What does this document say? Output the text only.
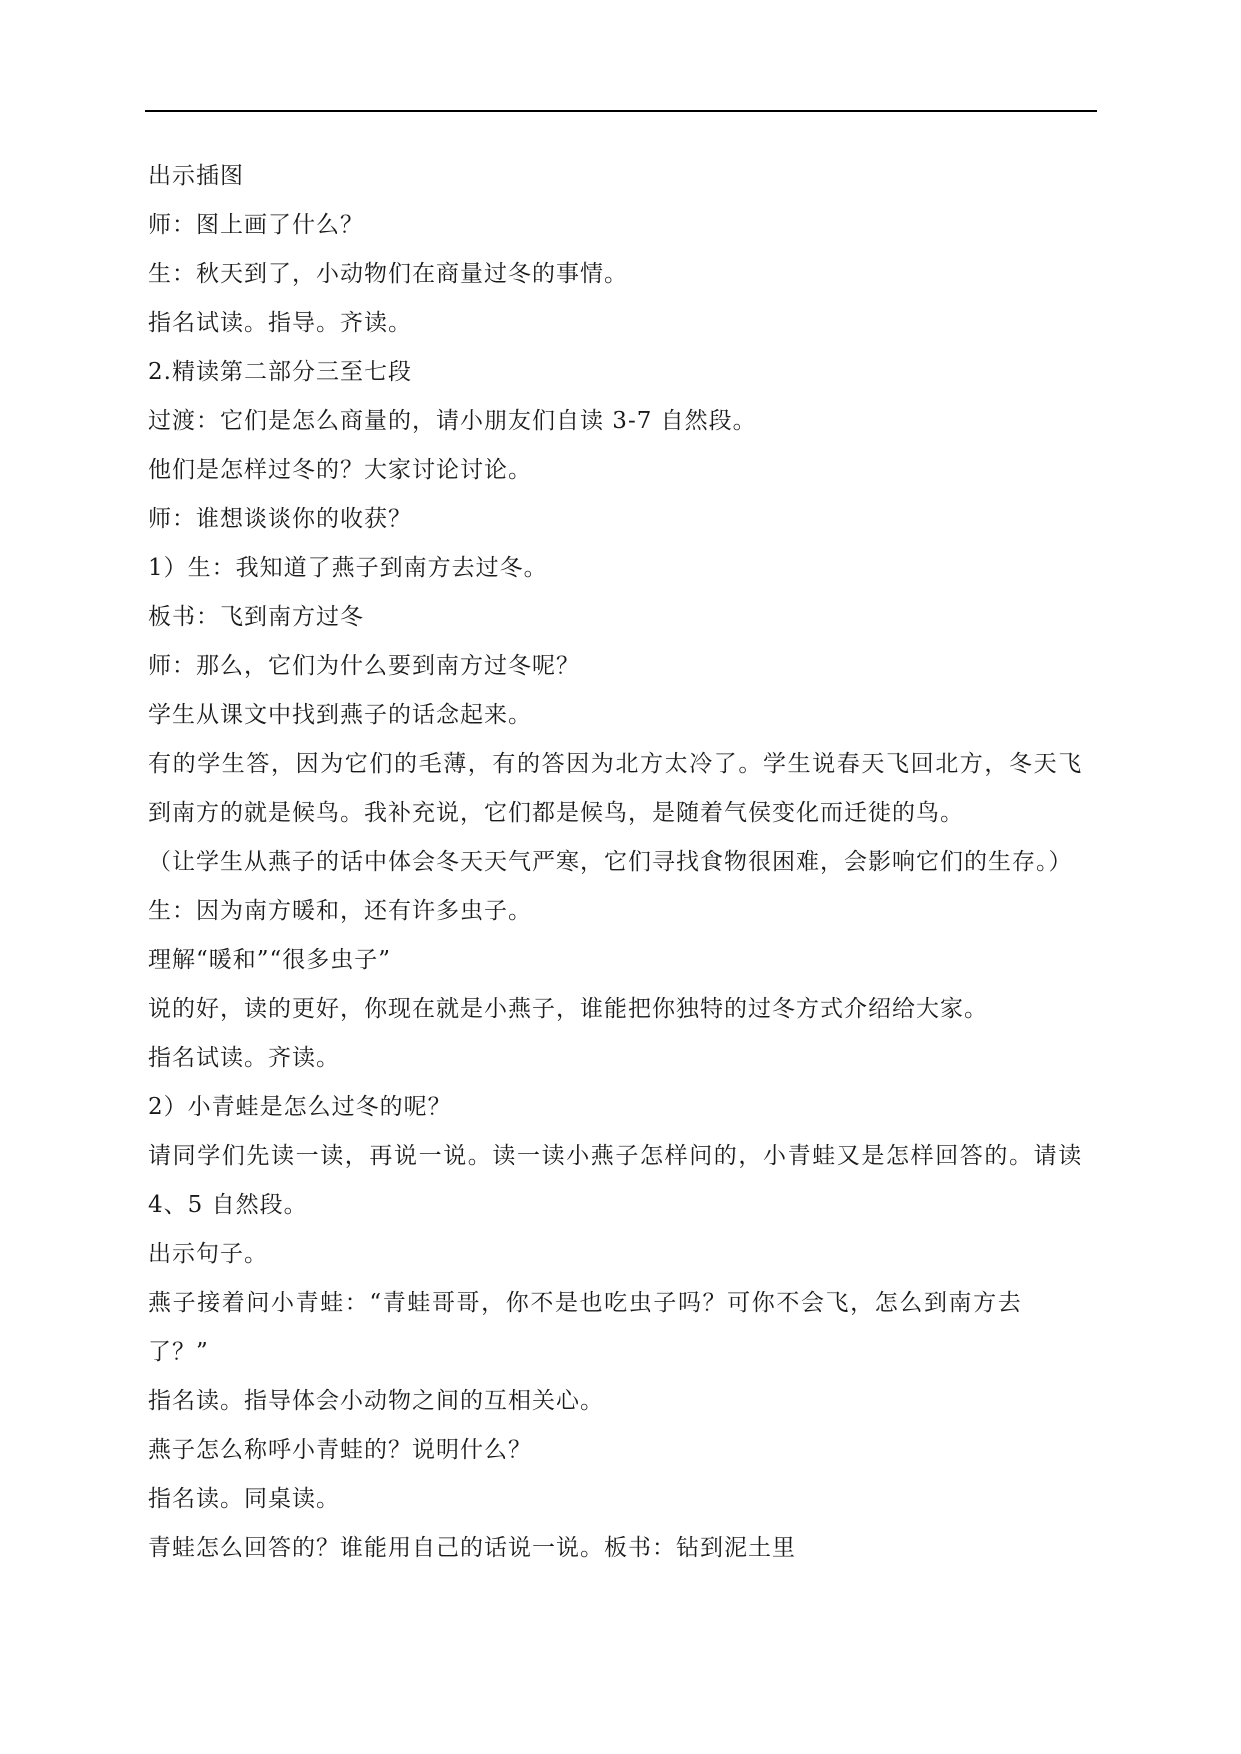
出示插图
师：图上画了什么？
生：秋天到了，小动物们在商量过冬的事情。
指名试读。指导。齐读。
2.精读第二部分三至七段
过渡：它们是怎么商量的，请小朋友们自读 3-7 自然段。
他们是怎样过冬的？大家讨论讨论。
师：谁想谈谈你的收获？
1）生：我知道了燕子到南方去过冬。
板书：飞到南方过冬
师：那么，它们为什么要到南方过冬呢？
学生从课文中找到燕子的话念起来。
有的学生答，因为它们的毛薄，有的答因为北方太冷了。学生说春天飞回北方，冬天飞
到南方的就是候鸟。我补充说，它们都是候鸟，是随着气侯变化而迁徙的鸟。
（让学生从燕子的话中体会冬天天气严寒，它们寻找食物很困难，会影响它们的生存。）
生：因为南方暖和，还有许多虫子。
理解“暖和”“很多虫子”
说的好，读的更好，你现在就是小燕子，谁能把你独特的过冬方式介绍给大家。
指名试读。齐读。
2）小青蛙是怎么过冬的呢？
请同学们先读一读，再说一说。读一读小燕子怎样问的，小青蛙又是怎样回答的。请读
4、5 自然段。
出示句子。
燕子接着问小青蛙：“青蛙哥哥，你不是也吃虫子吗？可你不会飞，怎么到南方去
了？”
指名读。指导体会小动物之间的互相关心。
燕子怎么称呼小青蛙的？说明什么？
指名读。同桌读。
青蛙怎么回答的？谁能用自己的话说一说。板书：钻到泥土里
